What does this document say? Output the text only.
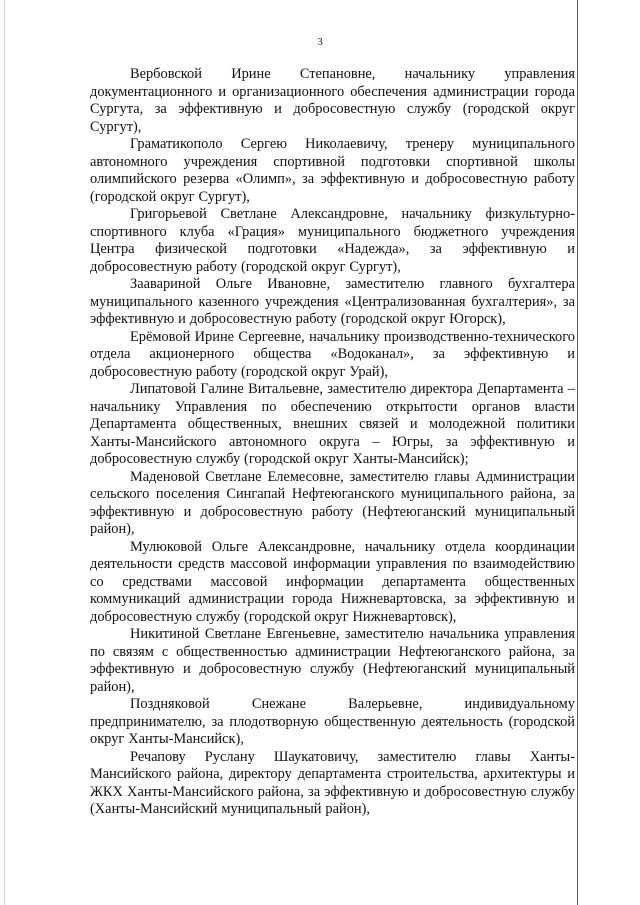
3

Вербовской Ирине Степановне, начальнику управления документационного и организационного обеспечения администрации города Сургута, за эффективную и добросовестную службу (городской округ Сургут),

Граматикополо Сергею Николаевичу, тренеру муниципального автономного учреждения спортивной подготовки спортивной школы олимпийского резерва «Олимп», за эффективную и добросовестную работу (городской округ Сургут),

Григорьевой Светлане Александровне, начальнику физкультурно-спортивного клуба «Грация» муниципального бюджетного учреждения Центра физической подготовки «Надежда», за эффективную и добросовестную работу (городской округ Сургут),

Заавариной Ольге Ивановне, заместителю главного бухгалтера муниципального казенного учреждения «Централизованная бухгалтерия», за эффективную и добросовестную работу (городской округ Югорск),

Ерёмовой Ирине Сергеевне, начальнику производственно-технического отдела акционерного общества «Водоканал», за эффективную и добросовестную работу (городской округ Урай),

Липатовой Галине Витальевне, заместителю директора Департамента – начальнику Управления по обеспечению открытости органов власти Департамента общественных, внешних связей и молодежной политики Ханты-Мансийского автономного округа – Югры, за эффективную и добросовестную службу (городской округ Ханты-Мансийск);

Маденовой Светлане Елемесовне, заместителю главы Администрации сельского поселения Сингапай Нефтеюганского муниципального района, за эффективную и добросовестную работу (Нефтеюганский муниципальный район),

Мулюковой Ольге Александровне, начальнику отдела координации деятельности средств массовой информации управления по взаимодействию со средствами массовой информации департамента общественных коммуникаций администрации города Нижневартовска, за эффективную и добросовестную службу (городской округ Нижневартовск),

Никитиной Светлане Евгеньевне, заместителю начальника управления по связям с общественностью администрации Нефтеюганского района, за эффективную и добросовестную службу (Нефтеюганский муниципальный район),

Поздняковой Снежане Валерьевне, индивидуальному предпринимателю, за плодотворную общественную деятельность (городской округ Ханты-Мансийск),

Речапову Руслану Шаукатовичу, заместителю главы Ханты-Мансийского района, директору департамента строительства, архитектуры и ЖКХ Ханты-Мансийского района, за эффективную и добросовестную службу (Ханты-Мансийский муниципальный район),
